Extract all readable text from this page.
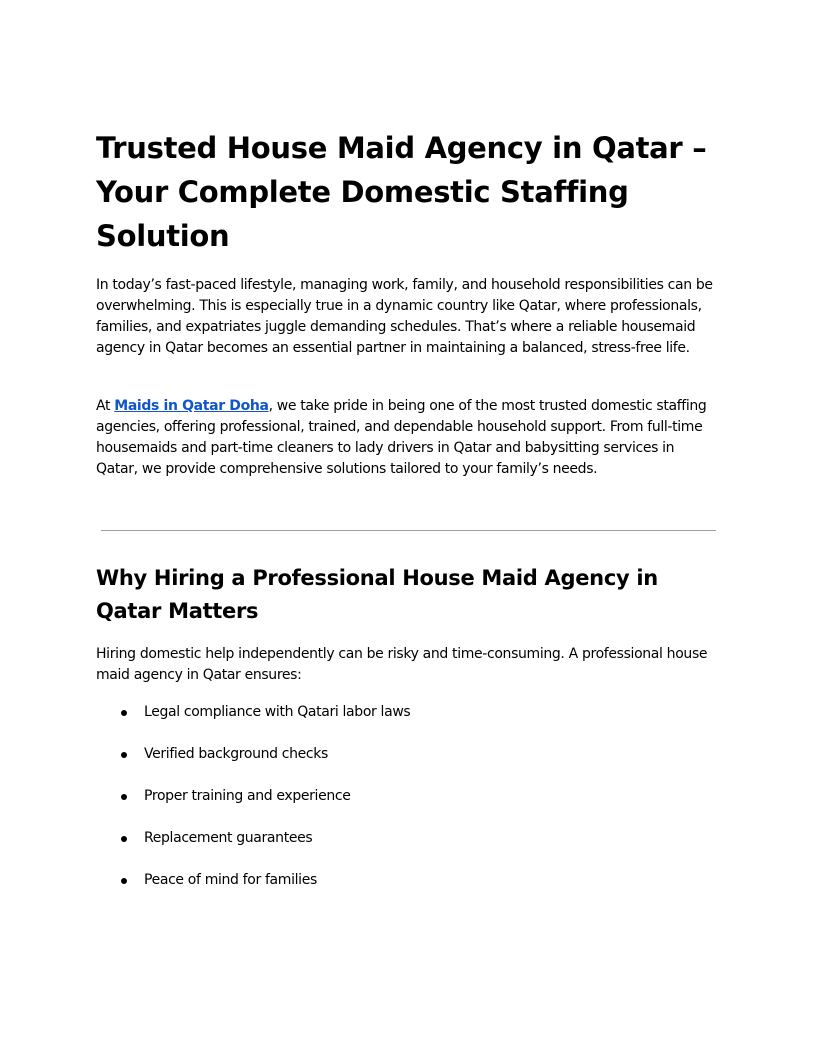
Trusted House Maid Agency in Qatar – Your Complete Domestic Staffing Solution

In today’s fast-paced lifestyle, managing work, family, and household responsibilities can be overwhelming. This is especially true in a dynamic country like Qatar, where professionals, families, and expatriates juggle demanding schedules. That’s where a reliable housemaid agency in Qatar becomes an essential partner in maintaining a balanced, stress-free life.

At Maids in Qatar Doha, we take pride in being one of the most trusted domestic staffing agencies, offering professional, trained, and dependable household support. From full-time housemaids and part-time cleaners to lady drivers in Qatar and babysitting services in Qatar, we provide comprehensive solutions tailored to your family’s needs.

Why Hiring a Professional House Maid Agency in Qatar Matters

Hiring domestic help independently can be risky and time-consuming. A professional house maid agency in Qatar ensures:

Legal compliance with Qatari labor laws
Verified background checks
Proper training and experience
Replacement guarantees
Peace of mind for families
